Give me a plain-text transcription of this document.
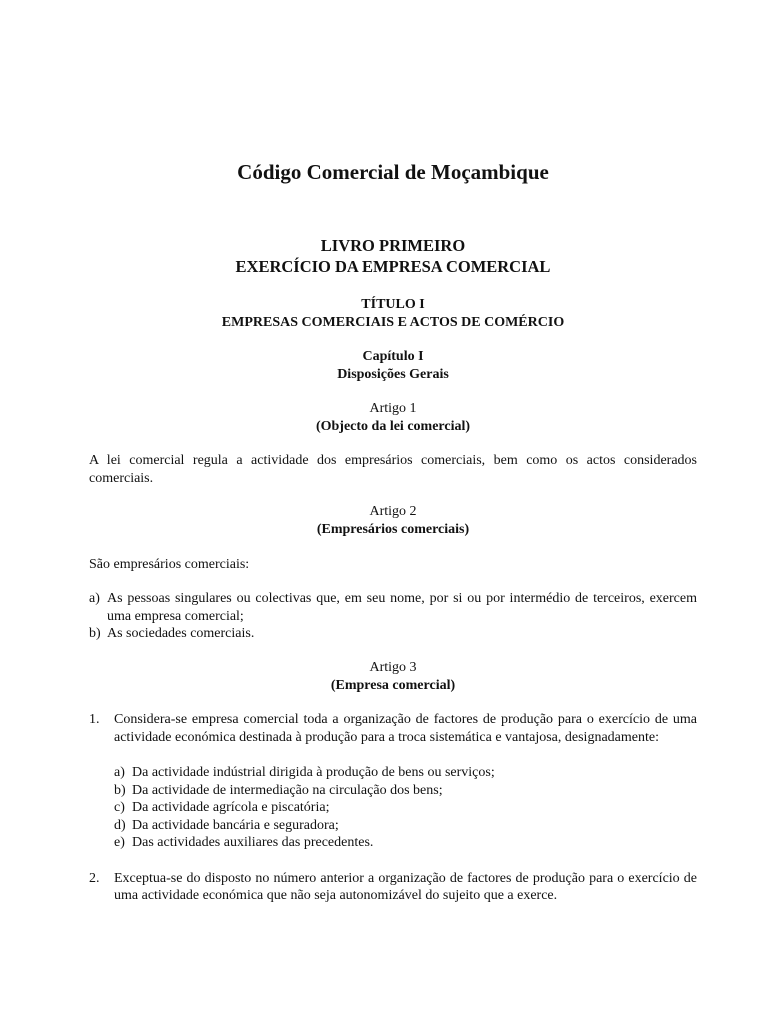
Código Comercial de Moçambique
LIVRO PRIMEIRO
EXERCÍCIO DA EMPRESA COMERCIAL
TÍTULO I
EMPRESAS COMERCIAIS E ACTOS DE COMÉRCIO
Capítulo I
Disposições Gerais
Artigo 1
(Objecto da lei comercial)
A lei comercial regula a actividade dos empresários comerciais, bem como os actos considerados comerciais.
Artigo 2
(Empresários comerciais)
São empresários comerciais:
a) As pessoas singulares ou colectivas que, em seu nome, por si ou por intermédio de terceiros, exercem uma empresa comercial;
b) As sociedades comerciais.
Artigo 3
(Empresa comercial)
1. Considera-se empresa comercial toda a organização de factores de produção para o exercício de uma actividade económica destinada à produção para a troca sistemática e vantajosa, designadamente:
a) Da actividade indústrial dirigida à produção de bens ou serviços;
b) Da actividade de intermediação na circulação dos bens;
c) Da actividade agrícola e piscatória;
d) Da actividade bancária e seguradora;
e) Das actividades auxiliares das precedentes.
2. Exceptua-se do disposto no número anterior a organização de factores de produção para o exercício de uma actividade económica que não seja autonomizável do sujeito que a exerce.
